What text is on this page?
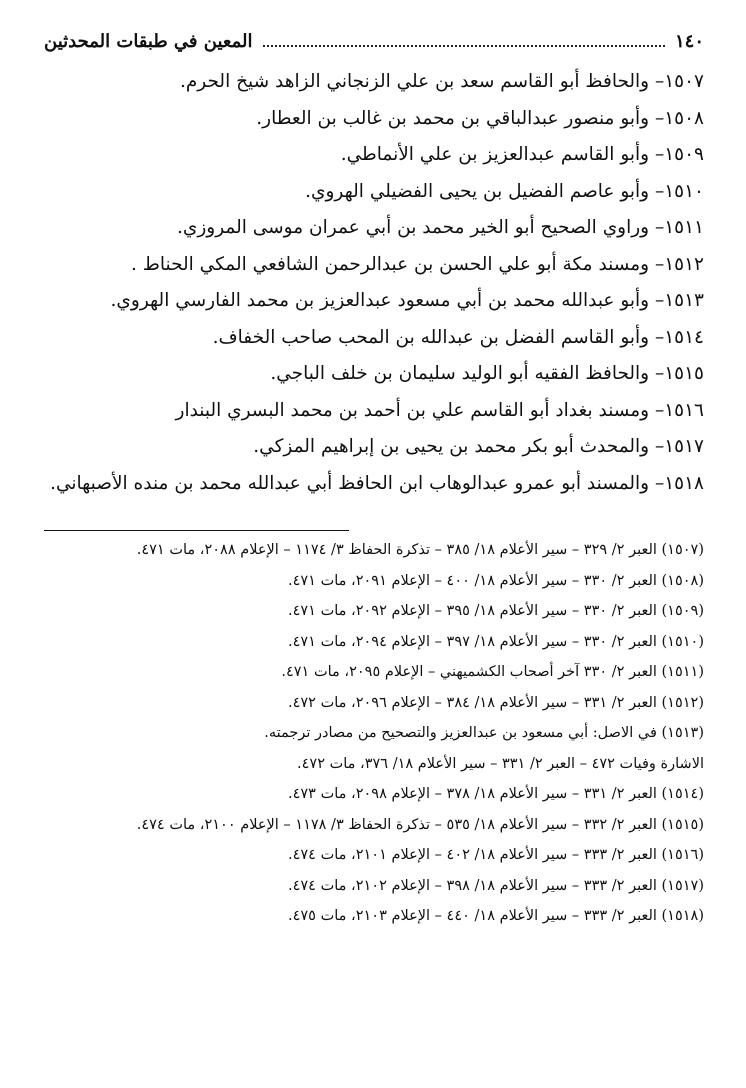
١٤٠
المعين في طبقات المحدثين
١٥٠٧– والحافظ أبو القاسم سعد بن علي الزنجاني الزاهد شيخ الحرم.
١٥٠٨– وأبو منصور عبدالباقي بن محمد بن غالب بن العطار.
١٥٠٩– وأبو القاسم عبدالعزيز بن علي الأنماطي.
١٥١٠– وأبو عاصم الفضيل بن يحيى الفضيلي الهروي.
١٥١١– وراوي الصحيح أبو الخير محمد بن أبي عمران موسى المروزي.
١٥١٢– ومسند مكة أبو علي الحسن بن عبدالرحمن الشافعي المكي الحناط .
١٥١٣– وأبو عبدالله محمد بن أبي مسعود عبدالعزيز بن محمد الفارسي الهروي.
١٥١٤– وأبو القاسم الفضل بن عبدالله بن المحب صاحب الخفاف.
١٥١٥– والحافظ الفقيه أبو الوليد سليمان بن خلف الباجي.
١٥١٦– ومسند بغداد أبو القاسم علي بن أحمد بن محمد البسري البندار
١٥١٧– والمحدث أبو بكر محمد بن يحيى بن إبراهيم المزكي.
١٥١٨– والمسند أبو عمرو عبدالوهاب ابن الحافظ أبي عبدالله محمد بن منده الأصبهاني.
(١٥٠٧) العبر ٢/ ٣٢٩ – سير الأعلام ١٨/ ٣٨٥ – تذكرة الحفاظ ٣/ ١١٧٤ – الإعلام ٢٠٨٨، مات ٤٧١.
(١٥٠٨) العبر ٢/ ٣٣٠ – سير الأعلام ١٨/ ٤٠٠ – الإعلام ٢٠٩١، مات ٤٧١.
(١٥٠٩) العبر ٢/ ٣٣٠ – سير الأعلام ١٨/ ٣٩٥ – الإعلام ٢٠٩٢، مات ٤٧١.
(١٥١٠) العبر ٢/ ٣٣٠ – سير الأعلام ١٨/ ٣٩٧ – الإعلام ٢٠٩٤، مات ٤٧١.
(١٥١١) العبر ٢/ ٣٣٠ آخر أصحاب الكشميهني – الإعلام ٢٠٩٥، مات ٤٧١.
(١٥١٢) العبر ٢/ ٣٣١ – سير الأعلام ١٨/ ٣٨٤ – الإعلام ٢٠٩٦، مات ٤٧٢.
(١٥١٣) في الاصل: أبي مسعود بن عبدالعزيز والتصحيح من مصادر ترجمته.
الاشارة وفيات ٤٧٢ – العبر ٢/ ٣٣١ – سير الأعلام ١٨/ ٣٧٦، مات ٤٧٢.
(١٥١٤) العبر ٢/ ٣٣١ – سير الأعلام ١٨/ ٣٧٨ – الإعلام ٢٠٩٨، مات ٤٧٣.
(١٥١٥) العبر ٢/ ٣٣٢ – سير الأعلام ١٨/ ٥٣٥ – تذكرة الحفاظ ٣/ ١١٧٨ – الإعلام ٢١٠٠، مات ٤٧٤.
(١٥١٦) العبر ٢/ ٣٣٣ – سير الأعلام ١٨/ ٤٠٢ – الإعلام ٢١٠١، مات ٤٧٤.
(١٥١٧) العبر ٢/ ٣٣٣ – سير الأعلام ١٨/ ٣٩٨ – الإعلام ٢١٠٢، مات ٤٧٤.
(١٥١٨) العبر ٢/ ٣٣٣ – سير الأعلام ١٨/ ٤٤٠ – الإعلام ٢١٠٣، مات ٤٧٥.
